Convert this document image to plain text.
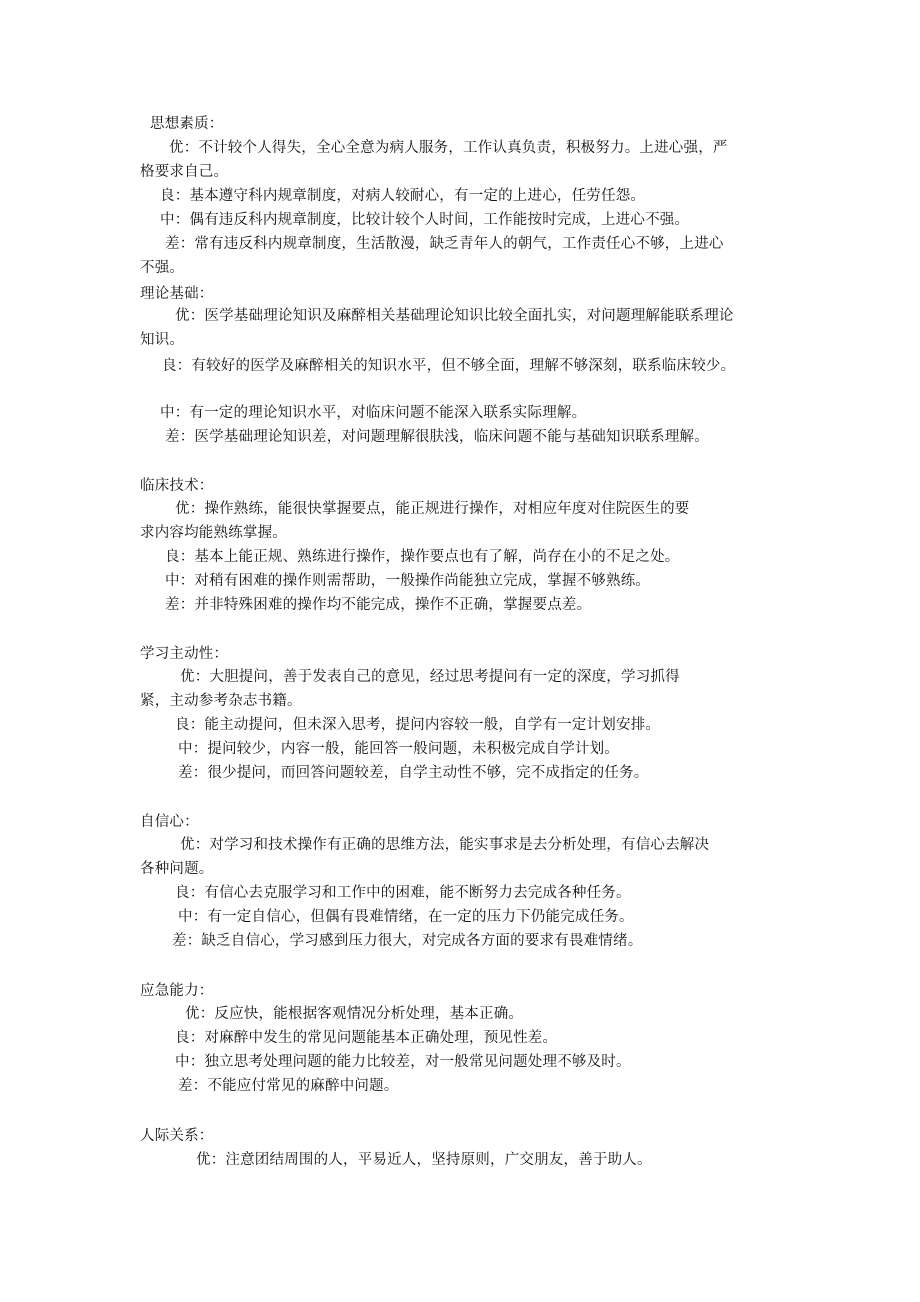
思想素质：
优：不计较个人得失，全心全意为病人服务，工作认真负责，积极努力。上进心强，严
格要求自己。
良：基本遵守科内规章制度，对病人较耐心，有一定的上进心，任劳任怨。
中：偶有违反科内规章制度，比较计较个人时间，工作能按时完成，上进心不强。
差：常有违反科内规章制度，生活散漫，缺乏青年人的朝气，工作责任心不够，上进心
不强。
理论基础：
优：医学基础理论知识及麻醉相关基础理论知识比较全面扎实，对问题理解能联系理论
知识。
良：有较好的医学及麻醉相关的知识水平，但不够全面，理解不够深刻，联系临床较少。
中：有一定的理论知识水平，对临床问题不能深入联系实际理解。
差：医学基础理论知识差，对问题理解很肤浅，临床问题不能与基础知识联系理解。
临床技术：
优：操作熟练，能很快掌握要点，能正规进行操作，对相应年度对住院医生的要
求内容均能熟练掌握。
良：基本上能正规、熟练进行操作，操作要点也有了解，尚存在小的不足之处。
中：对稍有困难的操作则需帮助，一般操作尚能独立完成，掌握不够熟练。
差：并非特殊困难的操作均不能完成，操作不正确，掌握要点差。
学习主动性：
优：大胆提问，善于发表自己的意见，经过思考提问有一定的深度，学习抓得
紧，主动参考杂志书籍。
良：能主动提问，但未深入思考，提问内容较一般，自学有一定计划安排。
中：提问较少，内容一般，能回答一般问题，未积极完成自学计划。
差：很少提问，而回答问题较差，自学主动性不够，完不成指定的任务。
自信心：
优：对学习和技术操作有正确的思维方法，能实事求是去分析处理，有信心去解决
各种问题。
良：有信心去克服学习和工作中的困难，能不断努力去完成各种任务。
中：有一定自信心，但偶有畏难情绪，在一定的压力下仍能完成任务。
差：缺乏自信心，学习感到压力很大，对完成各方面的要求有畏难情绪。
应急能力：
优：反应快，能根据客观情况分析处理，基本正确。
良：对麻醉中发生的常见问题能基本正确处理，预见性差。
中：独立思考处理问题的能力比较差，对一般常见问题处理不够及时。
差：不能应付常见的麻醉中问题。
人际关系：
优：注意团结周围的人，平易近人，坚持原则，广交朋友，善于助人。
